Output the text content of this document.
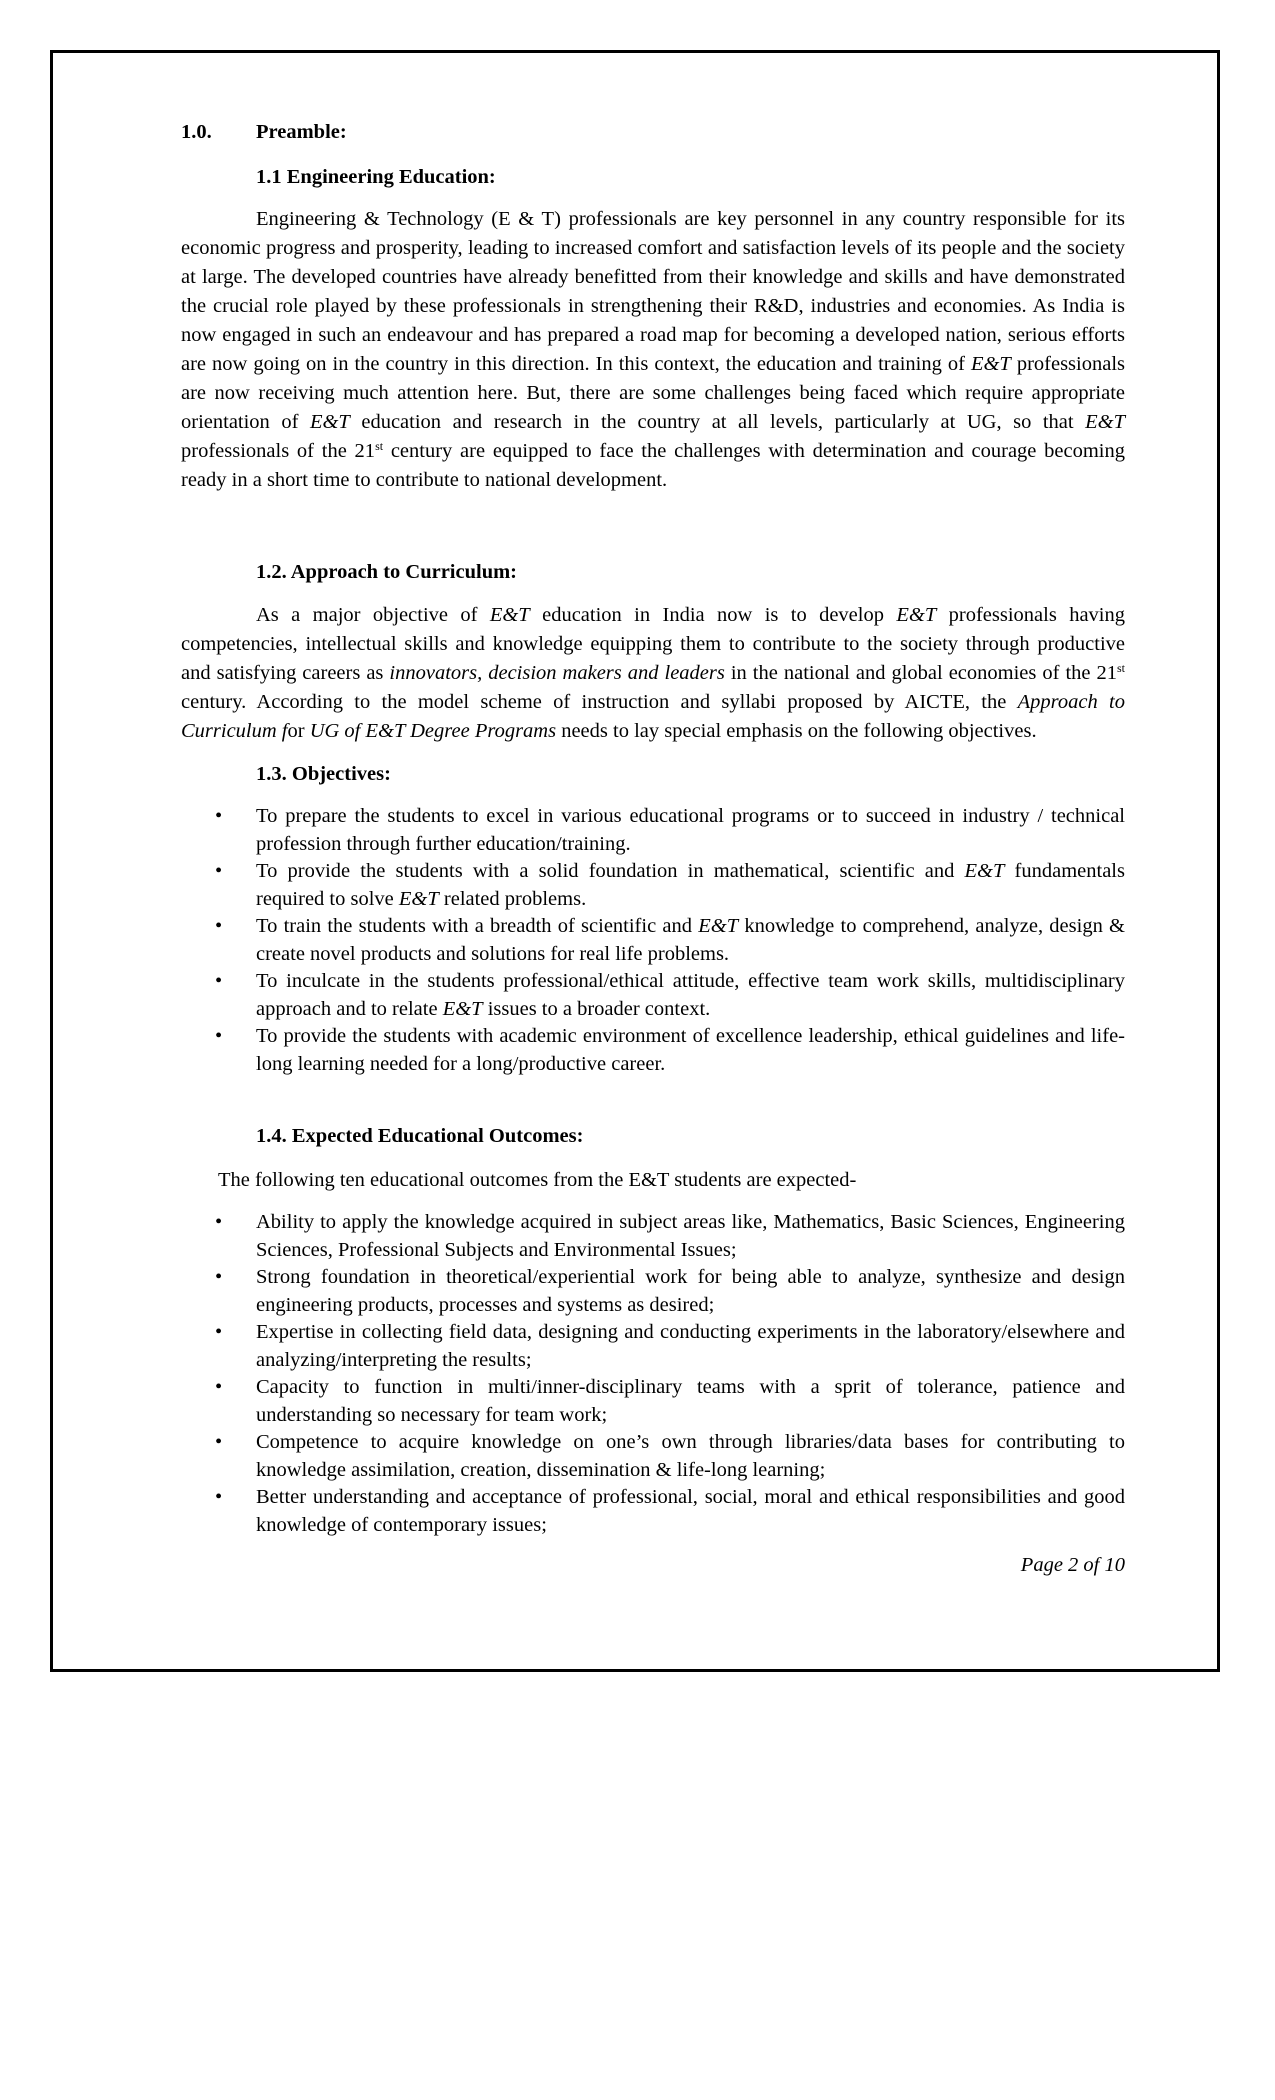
1.0.	Preamble:
1.1 Engineering Education:

Engineering & Technology (E & T) professionals are key personnel in any country responsible for its economic progress and prosperity, leading to increased comfort and satisfaction levels of its people and the society at large. The developed countries have already benefitted from their knowledge and skills and have demonstrated the crucial role played by these professionals in strengthening their R&D, industries and economies. As India is now engaged in such an endeavour and has prepared a road map for becoming a developed nation, serious efforts are now going on in the country in this direction. In this context, the education and training of E&T professionals are now receiving much attention here. But, there are some challenges being faced which require appropriate orientation of E&T education and research in the country at all levels, particularly at UG, so that E&T professionals of the 21st century are equipped to face the challenges with determination and courage becoming ready in a short time to contribute to national development.

1.2. Approach to Curriculum:

As a major objective of E&T education in India now is to develop E&T professionals having competencies, intellectual skills and knowledge equipping them to contribute to the society through productive and satisfying careers as innovators, decision makers and leaders in the national and global economies of the 21st century. According to the model scheme of instruction and syllabi proposed by AICTE, the Approach to Curriculum for UG of E&T Degree Programs needs to lay special emphasis on the following objectives.

1.3. Objectives:
• To prepare the students to excel in various educational programs or to succeed in industry / technical profession through further education/training.
• To provide the students with a solid foundation in mathematical, scientific and E&T fundamentals required to solve E&T related problems.
• To train the students with a breadth of scientific and E&T knowledge to comprehend, analyze, design & create novel products and solutions for real life problems.
• To inculcate in the students professional/ethical attitude, effective team work skills, multidisciplinary approach and to relate E&T issues to a broader context.
• To provide the students with academic environment of excellence leadership, ethical guidelines and life-long learning needed for a long/productive career.
1.4. Expected Educational Outcomes:

The following ten educational outcomes from the E&T students are expected-

• Ability to apply the knowledge acquired in subject areas like, Mathematics, Basic Sciences, Engineering Sciences, Professional Subjects and Environmental Issues;
• Strong foundation in theoretical/experiential work for being able to analyze, synthesize and design engineering products, processes and systems as desired;
• Expertise in collecting field data, designing and conducting experiments in the laboratory/elsewhere and analyzing/interpreting the results;
• Capacity to function in multi/inner-disciplinary teams with a sprit of tolerance, patience and understanding so necessary for team work;
• Competence to acquire knowledge on one’s own through libraries/data bases for contributing to knowledge assimilation, creation, dissemination & life-long learning;
• Better understanding and acceptance of professional, social, moral and ethical responsibilities and good knowledge of contemporary issues;
Page 2 of 10
